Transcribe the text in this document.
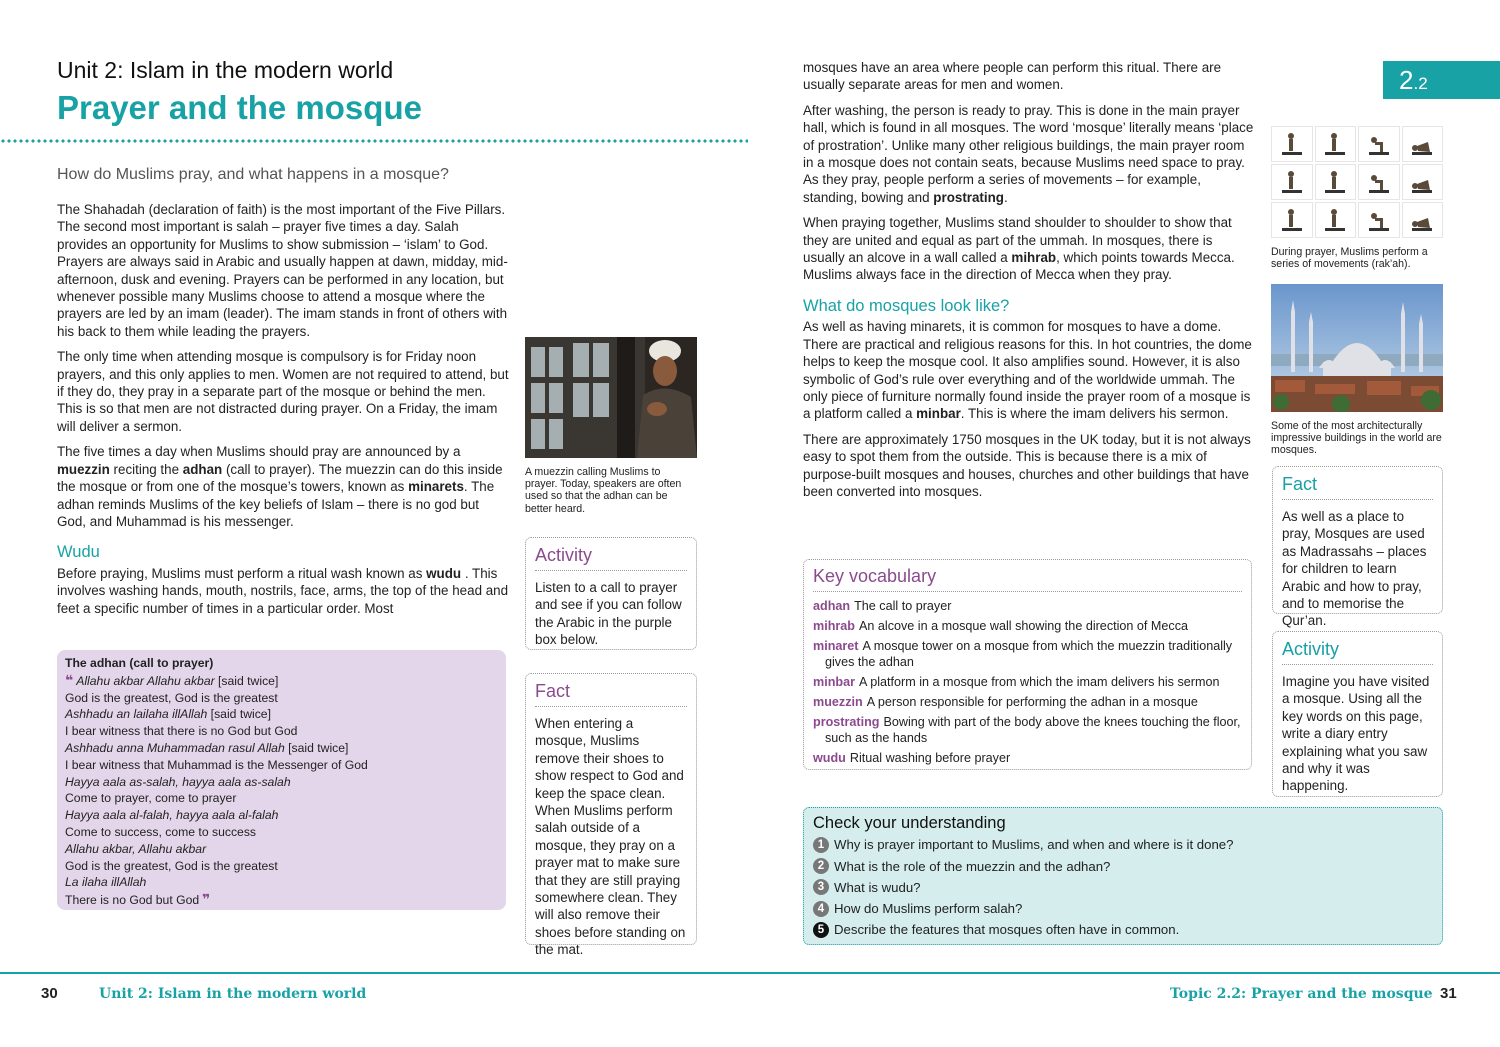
Unit 2: Islam in the modern world
Prayer and the mosque
How do Muslims pray, and what happens in a mosque?

The Shahadah (declaration of faith) is the most important of the Five Pillars. The second most important is salah – prayer five times a day. Salah provides an opportunity for Muslims to show submission – ‘islam’ to God. Prayers are always said in Arabic and usually happen at dawn, midday, mid-afternoon, dusk and evening. Prayers can be performed in any location, but whenever possible many Muslims choose to attend a mosque where the prayers are led by an imam (leader). The imam stands in front of others with his back to them while leading the prayers.

The only time when attending mosque is compulsory is for Friday noon prayers, and this only applies to men. Women are not required to attend, but if they do, they pray in a separate part of the mosque or behind the men. This is so that men are not distracted during prayer. On a Friday, the imam will deliver a sermon.

The five times a day when Muslims should pray are announced by a muezzin reciting the adhan (call to prayer). The muezzin can do this inside the mosque or from one of the mosque’s towers, known as minarets. The adhan reminds Muslims of the key beliefs of Islam – there is no god but God, and Muhammad is his messenger.

Wudu

Before praying, Muslims must perform a ritual wash known as wudu . This involves washing hands, mouth, nostrils, face, arms, the top of the head and feet a specific number of times in a particular order. Most

The adhan (call to prayer)
❝ Allahu akbar Allahu akbar [said twice]
God is the greatest, God is the greatest
Ashhadu an lailaha illAllah [said twice]
I bear witness that there is no God but God
Ashhadu anna Muhammadan rasul Allah [said twice]
I bear witness that Muhammad is the Messenger of God
Hayya aala as-salah, hayya aala as-salah
Come to prayer, come to prayer
Hayya aala al-falah, hayya aala al-falah
Come to success, come to success
Allahu akbar, Allahu akbar
God is the greatest, God is the greatest
La ilaha illAllah
There is no God but God ❞
A muezzin calling Muslims to prayer. Today, speakers are often used so that the adhan can be better heard.
Activity
Listen to a call to prayer and see if you can follow the Arabic in the purple box below.
Fact
When entering a mosque, Muslims remove their shoes to show respect to God and keep the space clean. When Muslims perform salah outside of a mosque, they pray on a prayer mat to make sure that they are still praying somewhere clean. They will also remove their shoes before standing on the mat.

mosques have an area where people can perform this ritual. There are usually separate areas for men and women.

After washing, the person is ready to pray. This is done in the main prayer hall, which is found in all mosques. The word ‘mosque’ literally means ‘place of prostration’. Unlike many other religious buildings, the main prayer room in a mosque does not contain seats, because Muslims need space to pray. As they pray, people perform a series of movements – for example, standing, bowing and prostrating.

When praying together, Muslims stand shoulder to shoulder to show that they are united and equal as part of the ummah. In mosques, there is usually an alcove in a wall called a mihrab, which points towards Mecca. Muslims always face in the direction of Mecca when they pray.

What do mosques look like?

As well as having minarets, it is common for mosques to have a dome. There are practical and religious reasons for this. In hot countries, the dome helps to keep the mosque cool. It also amplifies sound. However, it is also symbolic of God’s rule over everything and of the worldwide ummah. The only piece of furniture normally found inside the prayer room of a mosque is a platform called a minbar. This is where the imam delivers his sermon.

There are approximately 1750 mosques in the UK today, but it is not always easy to spot them from the outside. This is because there is a mix of purpose-built mosques and houses, churches and other buildings that have been converted into mosques.

2.2
During prayer, Muslims perform a series of movements (rak’ah).
Some of the most architecturally impressive buildings in the world are mosques.
Fact
As well as a place to pray, Mosques are used as Madrassahs – places for children to learn Arabic and how to pray, and to memorise the Qur’an.
Activity
Imagine you have visited a mosque. Using all the key words on this page, write a diary entry explaining what you saw and why it was happening.
Key vocabulary
adhan The call to prayer
mihrab An alcove in a mosque wall showing the direction of Mecca
minaret A mosque tower on a mosque from which the muezzin traditionally gives the adhan
minbar A platform in a mosque from which the imam delivers his sermon
muezzin A person responsible for performing the adhan in a mosque
prostrating Bowing with part of the body above the knees touching the floor, such as the hands
wudu Ritual washing before prayer
Check your understanding
1 Why is prayer important to Muslims, and when and where is it done?
2 What is the role of the muezzin and the adhan?
3 What is wudu?
4 How do Muslims perform salah?
5 Describe the features that mosques often have in common.
30	Unit 2: Islam in the modern world	Topic 2.2: Prayer and the mosque 31
